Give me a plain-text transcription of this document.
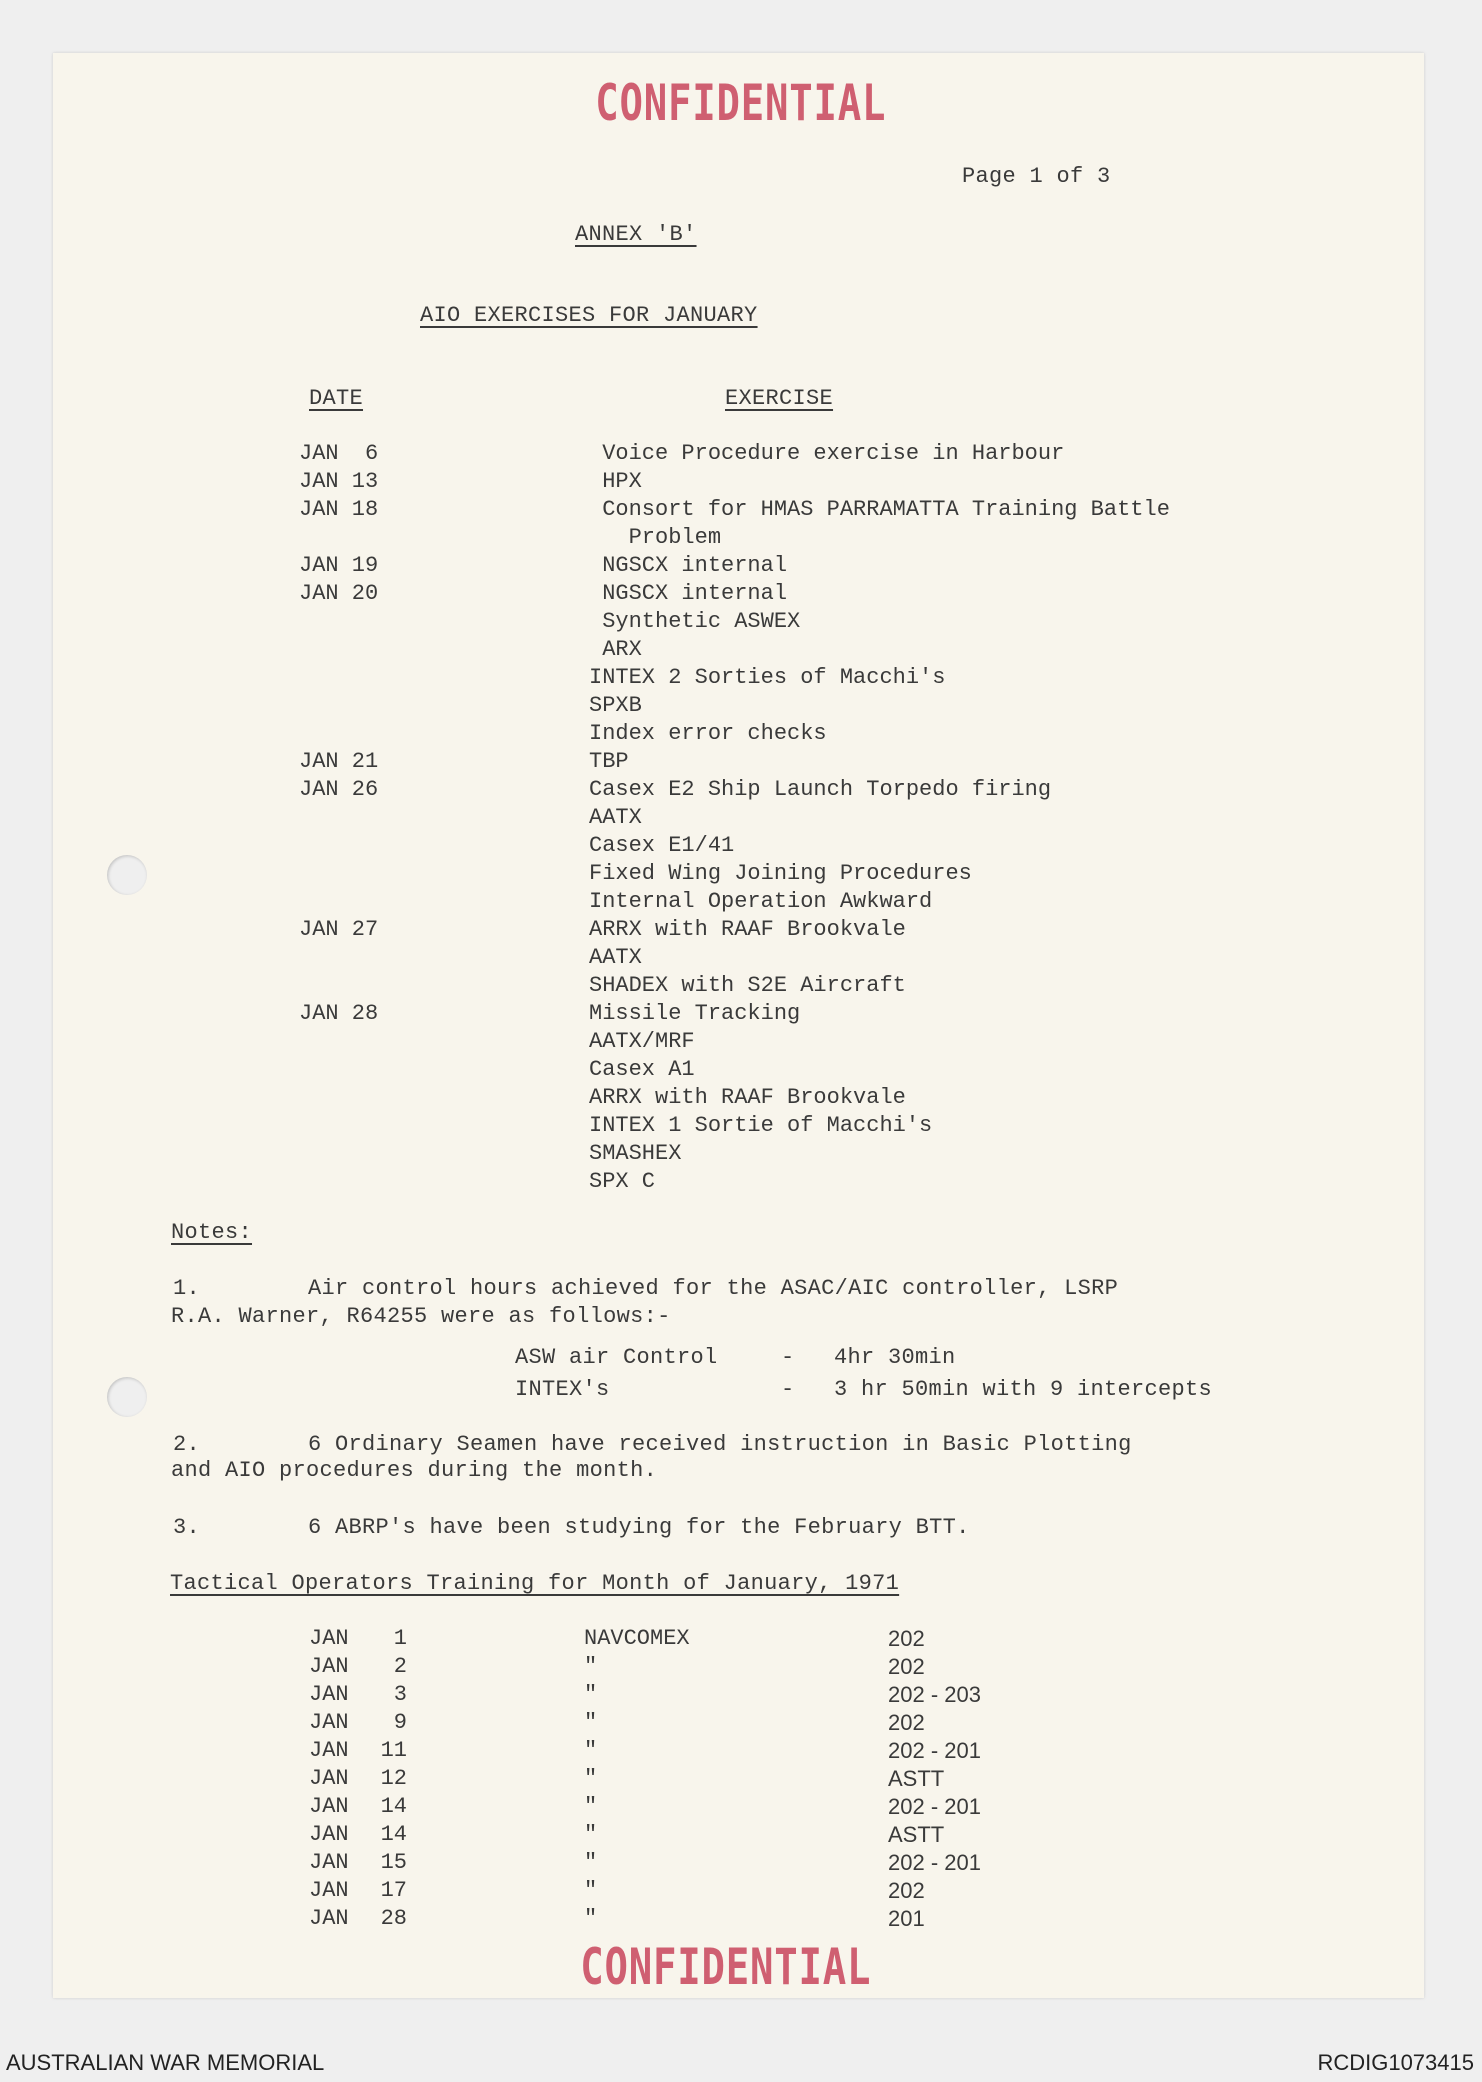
CONFIDENTIAL
Page 1 of 3
ANNEX 'B'
AIO EXERCISES FOR JANUARY
DATE	EXERCISE
JAN  6	Voice Procedure exercise in Harbour
JAN 13	HPX
JAN 18	Consort for HMAS PARRAMATTA Training Battle
Problem
JAN 19	NGSCX internal
JAN 20	NGSCX internal
Synthetic ASWEX
ARX
INTEX 2 Sorties of Macchi's
SPXB
Index error checks
JAN 21	TBP
JAN 26	Casex E2 Ship Launch Torpedo firing
AATX
Casex E1/41
Fixed Wing Joining Procedures
Internal Operation Awkward
JAN 27	ARRX with RAAF Brookvale
AATX
SHADEX with S2E Aircraft
JAN 28	Missile Tracking
AATX/MRF
Casex A1
ARRX with RAAF Brookvale
INTEX 1 Sortie of Macchi's
SMASHEX
SPX C
Notes:
1.	Air control hours achieved for the ASAC/AIC controller, LSRP
R.A. Warner, R64255 were as follows:-
ASW air Control	- 4hr 30min
INTEX's	- 3 hr 50min with 9 intercepts
2.	6 Ordinary Seamen have received instruction in Basic Plotting
and AIO procedures during the month.
3.	6 ABRP's have been studying for the February BTT.
Tactical Operators Training for Month of January, 1971
JAN	1	NAVCOMEX	202
JAN	2	"	202
JAN	3	"	202 - 203
JAN	9	"	202
JAN	11	"	202 - 201
JAN	12	"	ASTT
JAN	14	"	202 - 201
JAN	14	"	ASTT
JAN	15	"	202 - 201
JAN	17	"	202
JAN	28	"	201
CONFIDENTIAL
AUSTRALIAN WAR MEMORIAL	RCDIG1073415
